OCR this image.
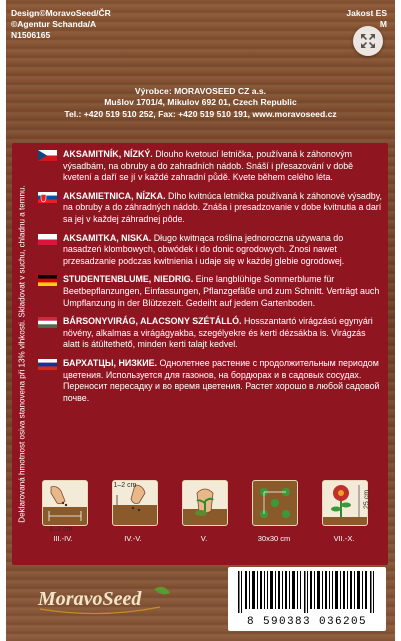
Design©MoravoSeed/ČR
©Agentur Schanda/A
N1506165
Jakost ES
M
Výrobce: MORAVOSEED CZ a.s.
Mušlov 1701/4, Mikulov 692 01, Czech Republic
Tel.: +420 519 510 252, Fax: +420 519 510 191, www.moravoseed.cz
Deklarovaná hmotnost osiva stanovena při 13% vlhkosti. Skladovat v suchu, chladnu a temnu.
AKSAMITNÍK, NÍZKÝ. Dlouho kvetoucí letnička, používaná k záhonovým výsadbám, na obruby a do zahradních nádob. Snáší i přesazování v době kvetení a daří se jí v každé zahradní půdě. Kvete během celého léta.
AKSAMIETNICA, NÍZKA. Dlho kvitnúca letnička používaná k záhonové výsadby, na obruby a do záhradných nádob. Znáša i presadzovanie v dobe kvitnutia a darí sa jej v každej záhradnej pôde.
AKSAMITKA, NISKA. Długo kwitnąca roślina jednoroczna używana do nasadzeń klombowych, obwódek i do donic ogrodowych. Znosi nawet przesadzanie podczas kwitnienia i udaje się w każdej glebie ogrodowej.
STUDENTENBLUME, NIEDRIG. Eine langblühige Sommerblume für Beetbepflanzungen, Einfassungen, Pflanzgefäße und zum Schnitt. Verträgt auch Umpflanzung in der Blützezeit. Gedeiht auf jedem Gartenboden.
BÁRSONYVIRÁG, ALACSONY SZÉTÁLLÓ. Hosszantartó virágzású egynyári növény, alkalmas a virágágyakba, szegélyekre és kerti dézsákba is. Virágzás alatt is átültethető, minden kerti talajt kedvel.
БАРХАТЦЫ, НИЗКИЕ. Однолетнее растение с продолжительным периодом цветения. Используется для газонов, на бордюрах и в садовых сосудах. Переносит пересадку и во время цветения. Растет хорошо в любой садовой почве.
1–2 cm
III.-IV.
1–2 cm
IV.-V.	V.	30x30 cm
25 cm
VII.-X.
MoravoSeed
8 590383 036205
